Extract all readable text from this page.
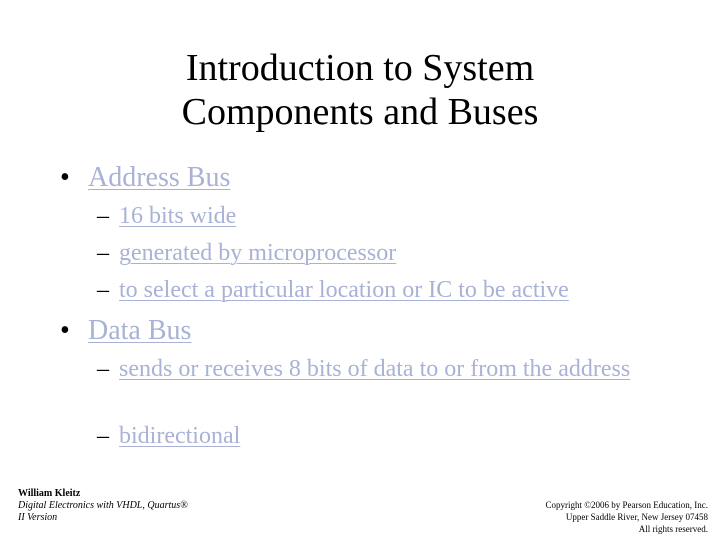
Introduction to System
Components and Buses
• Address Bus
– 16 bits wide
– generated by microprocessor
– to select a particular location or IC to be active
• Data Bus
– sends or receives 8 bits of data to or from the address
– bidirectional
William Kleitz
Digital Electronics with VHDL, Quartus®
II Version
Copyright ©2006 by Pearson Education, Inc.
Upper Saddle River, New Jersey 07458
All rights reserved.
